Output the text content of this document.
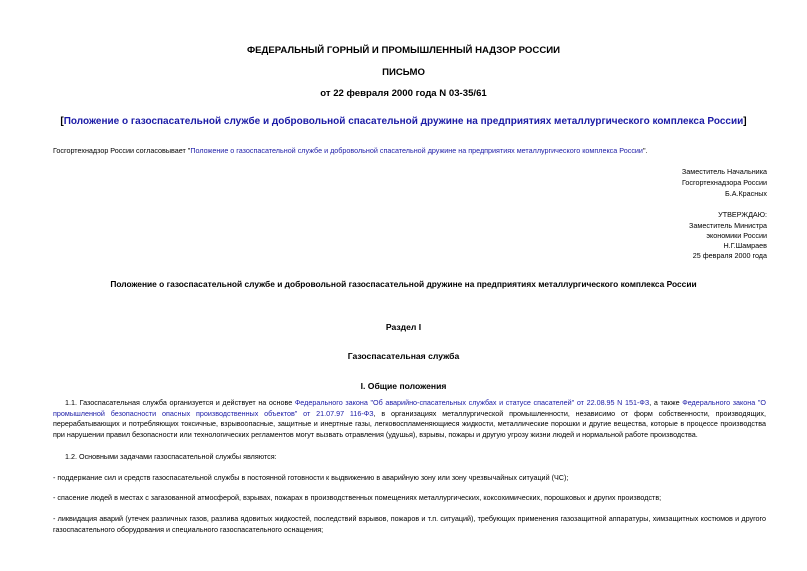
ФЕДЕРАЛЬНЫЙ ГОРНЫЙ И ПРОМЫШЛЕННЫЙ НАДЗОР РОССИИ
ПИСЬМО
от 22 февраля 2000 года N 03-35/61
[Положение о газоспасательной службе и добровольной спасательной дружине на предприятиях металлургического комплекса России]
Госгортехнадзор России согласовывает "Положение о газоспасательной службе и добровольной спасательной дружине на предприятиях металлургического комплекса России".
Заместитель Начальника
Госгортехнадзора России
Б.А.Красных
УТВЕРЖДАЮ:
Заместитель Министра
экономики России
Н.Г.Шамраев
25 февраля 2000 года
Положение о газоспасательной службе и добровольной газоспасательной дружине на предприятиях металлургического комплекса России
Раздел I
Газоспасательная служба
I. Общие положения
1.1. Газоспасательная служба организуется и действует на основе Федерального закона "Об аварийно-спасательных службах и статусе спасателей" от 22.08.95 N 151-ФЗ, а также Федерального закона "О промышленной безопасности опасных производственных объектов" от 21.07.97 116-ФЗ, в организациях металлургической промышленности, независимо от форм собственности, производящих, перерабатывающих и потребляющих токсичные, взрывоопасные, защитные и инертные газы, легковоспламеняющиеся жидкости, металлические порошки и другие вещества, которые в процессе производства при нарушении правил безопасности или технологических регламентов могут вызвать отравления (удушья), взрывы, пожары и другую угрозу жизни людей и нормальной работе производства.
1.2. Основными задачами газоспасательной службы являются:
- поддержание сил и средств газоспасательной службы в постоянной готовности к выдвижению в аварийную зону или зону чрезвычайных ситуаций (ЧС);
- спасение людей в местах с загазованной атмосферой, взрывах, пожарах в производственных помещениях металлургических, коксохимических, порошковых и других производств;
- ликвидация аварий (утечек различных газов, разлива ядовитых жидкостей, последствий взрывов, пожаров и т.п. ситуаций), требующих применения газозащитной аппаратуры, химзащитных костюмов и другого газоспасательного оборудования и специального газоспасательного оснащения;
